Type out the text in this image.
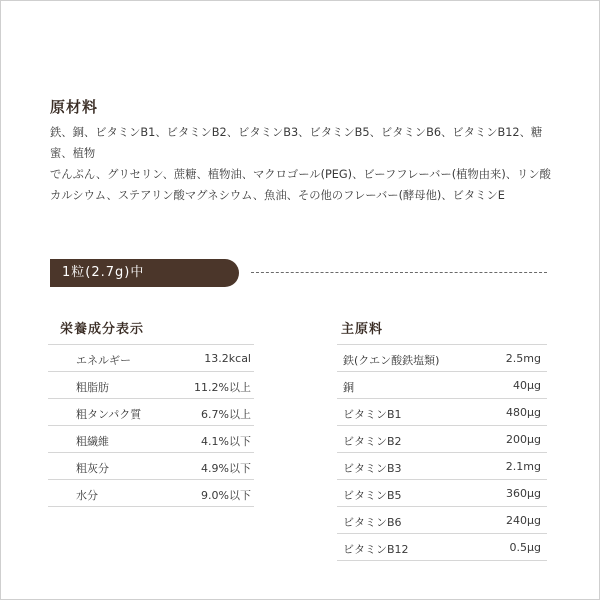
原材料
鉄、銅、ビタミンB1、ビタミンB2、ビタミンB3、ビタミンB5、ビタミンB6、ビタミンB12、糖蜜、植物
でんぷん、グリセリン、蔗糖、植物油、マクロゴール(PEG)、ビーフフレーバー(植物由来)、リン酸
カルシウム、ステアリン酸マグネシウム、魚油、その他のフレーバー(酵母他)、ビタミンE
1粒(2.7g)中
栄養成分表示	主原料
エネルギー	13.2kcal
粗脂肪	11.2%以上
粗タンパク質	6.7%以上
粗繊維	4.1%以下
粗灰分	4.9%以下
水分	9.0%以下
鉄(クエン酸鉄塩類)	2.5mg
銅	40μg
ビタミンB1	480μg
ビタミンB2	200μg
ビタミンB3	2.1mg
ビタミンB5	360μg
ビタミンB6	240μg
ビタミンB12	0.5μg
